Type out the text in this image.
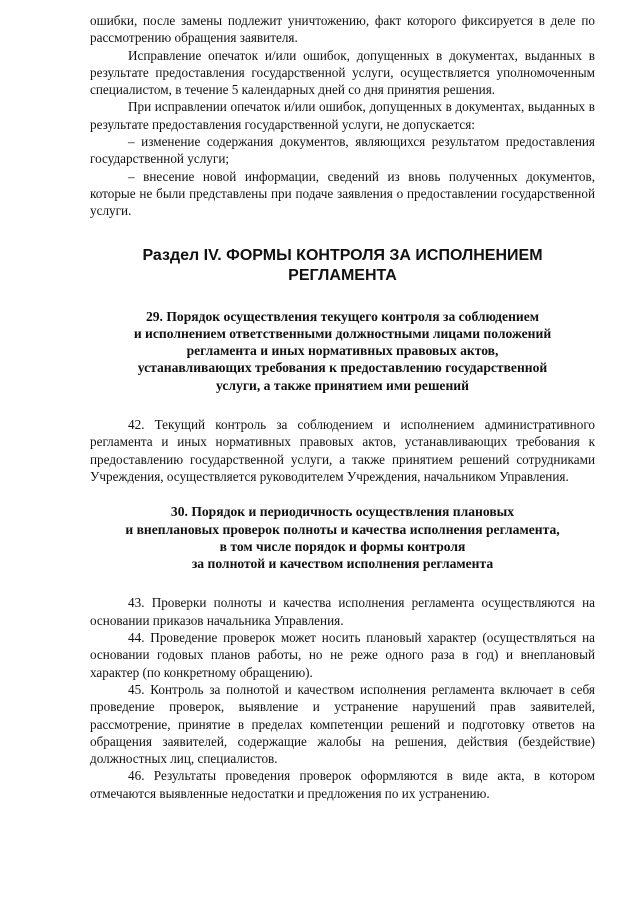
ошибки, после замены подлежит уничтожению, факт которого фиксируется в деле по рассмотрению обращения заявителя.

Исправление опечаток и/или ошибок, допущенных в документах, выданных в результате предоставления государственной услуги, осуществляется уполномоченным специалистом, в течение 5 календарных дней со дня принятия решения.

При исправлении опечаток и/или ошибок, допущенных в документах, выданных в результате предоставления государственной услуги, не допускается:

– изменение содержания документов, являющихся результатом предоставления государственной услуги;

– внесение новой информации, сведений из вновь полученных документов, которые не были представлены при подаче заявления о предоставлении государственной услуги.

Раздел IV. ФОРМЫ КОНТРОЛЯ ЗА ИСПОЛНЕНИЕМ
РЕГЛАМЕНТА
29. Порядок осуществления текущего контроля за соблюдением
и исполнением ответственными должностными лицами положений
регламента и иных нормативных правовых актов,
устанавливающих требования к предоставлению государственной
услуги, а также принятием ими решений

42. Текущий контроль за соблюдением и исполнением административного регламента и иных нормативных правовых актов, устанавливающих требования к предоставлению государственной услуги, а также принятием решений сотрудниками Учреждения, осуществляется руководителем Учреждения, начальником Управления.

30. Порядок и периодичность осуществления плановых
и внеплановых проверок полноты и качества исполнения регламента,
в том числе порядок и формы контроля
за полнотой и качеством исполнения регламента

43. Проверки полноты и качества исполнения регламента осуществляются на основании приказов начальника Управления.

44. Проведение проверок может носить плановый характер (осуществляться на основании годовых планов работы, но не реже одного раза в год) и внеплановый характер (по конкретному обращению).

45. Контроль за полнотой и качеством исполнения регламента включает в себя проведение проверок, выявление и устранение нарушений прав заявителей, рассмотрение, принятие в пределах компетенции решений и подготовку ответов на обращения заявителей, содержащие жалобы на решения, действия (бездействие) должностных лиц, специалистов.

46. Результаты проведения проверок оформляются в виде акта, в котором отмечаются выявленные недостатки и предложения по их устранению.
